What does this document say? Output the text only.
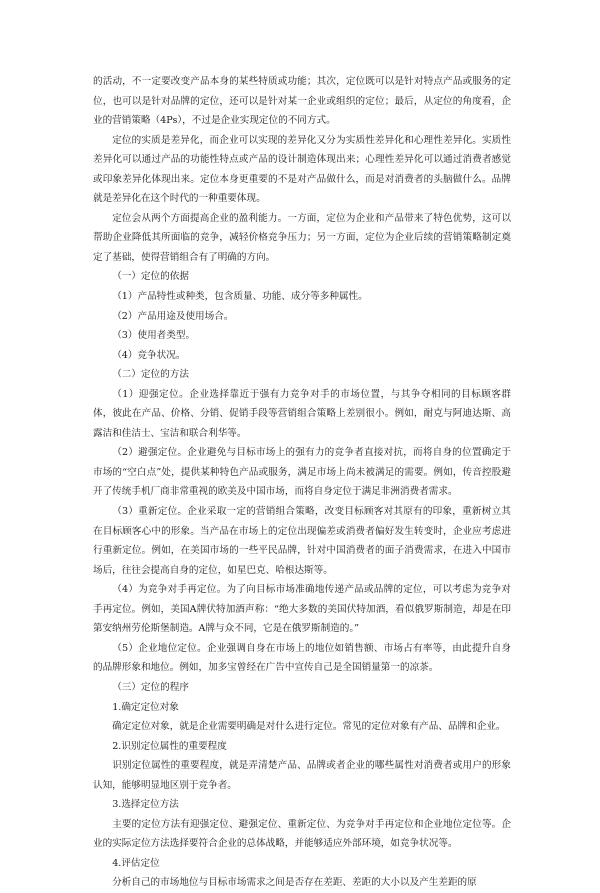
的活动，不一定要改变产品本身的某些特质或功能；其次，定位既可以是针对特点产品或服务的定位，也可以是针对品牌的定位，还可以是针对某一企业或组织的定位；最后，从定位的角度看，企业的营销策略（4Ps），不过是企业实现定位的不同方式。

定位的实质是差异化，而企业可以实现的差异化又分为实质性差异化和心理性差异化。实质性差异化可以通过产品的功能性特点或产品的设计制造体现出来；心理性差异化可以通过消费者感觉或印象差异化体现出来。定位本身更重要的不是对产品做什么，而是对消费者的头脑做什么。品牌就是差异化在这个时代的一种重要体现。

定位会从两个方面提高企业的盈利能力。一方面，定位为企业和产品带来了特色优势，这可以帮助企业降低其所面临的竞争，减轻价格竞争压力；另一方面，定位为企业后续的营销策略制定奠定了基础，使得营销组合有了明确的方向。

（一）定位的依据

（1）产品特性或种类，包含质量、功能、成分等多种属性。

（2）产品用途及使用场合。

（3）使用者类型。

（4）竞争状况。

（二）定位的方法

（1）迎强定位。企业选择靠近于强有力竞争对手的市场位置，与其争夺相同的目标顾客群体，彼此在产品、价格、分销、促销手段等营销组合策略上差别很小。例如，耐克与阿迪达斯、高露洁和佳洁士、宝洁和联合利华等。

（2）避强定位。企业避免与目标市场上的强有力的竞争者直接对抗，而将自身的位置确定于市场的“空白点”处，提供某种特色产品或服务，满足市场上尚未被满足的需要。例如，传音控股避开了传统手机厂商非常重视的欧美及中国市场，而将自身定位于满足非洲消费者需求。

（3）重新定位。企业采取一定的营销组合策略，改变目标顾客对其原有的印象，重新树立其在目标顾客心中的形象。当产品在市场上的定位出现偏差或消费者偏好发生转变时，企业应考虑进行重新定位。例如，在美国市场的一些平民品牌，针对中国消费者的面子消费需求，在进入中国市场后，往往会提高自身的定位，如星巴克、哈根达斯等。

（4）为竞争对手再定位。为了向目标市场准确地传递产品或品牌的定位，可以考虑为竞争对手再定位。例如，美国A牌伏特加酒声称：“绝大多数的美国伏特加酒，看似俄罗斯制造，却是在印第安纳州劳伦斯堡制造。A牌与众不同，它是在俄罗斯制造的。”

（5）企业地位定位。企业强调自身在市场上的地位如销售额、市场占有率等，由此提升自身的品牌形象和地位。例如，加多宝曾经在广告中宣传自己是全国销量第一的凉茶。

（三）定位的程序

1.确定定位对象

确定定位对象，就是企业需要明确是对什么进行定位。常见的定位对象有产品、品牌和企业。

2.识别定位属性的重要程度

识别定位属性的重要程度，就是弄清楚产品、品牌或者企业的哪些属性对消费者或用户的形象认知，能够明显地区别于竞争者。

3.选择定位方法

主要的定位方法有迎强定位、避强定位、重新定位、为竞争对手再定位和企业地位定位等。企业的实际定位方法选择要符合企业的总体战略，并能够适应外部环境，如竞争状况等。

4.评估定位

分析自己的市场地位与目标市场需求之间是否存在差距、差距的大小以及产生差距的原
